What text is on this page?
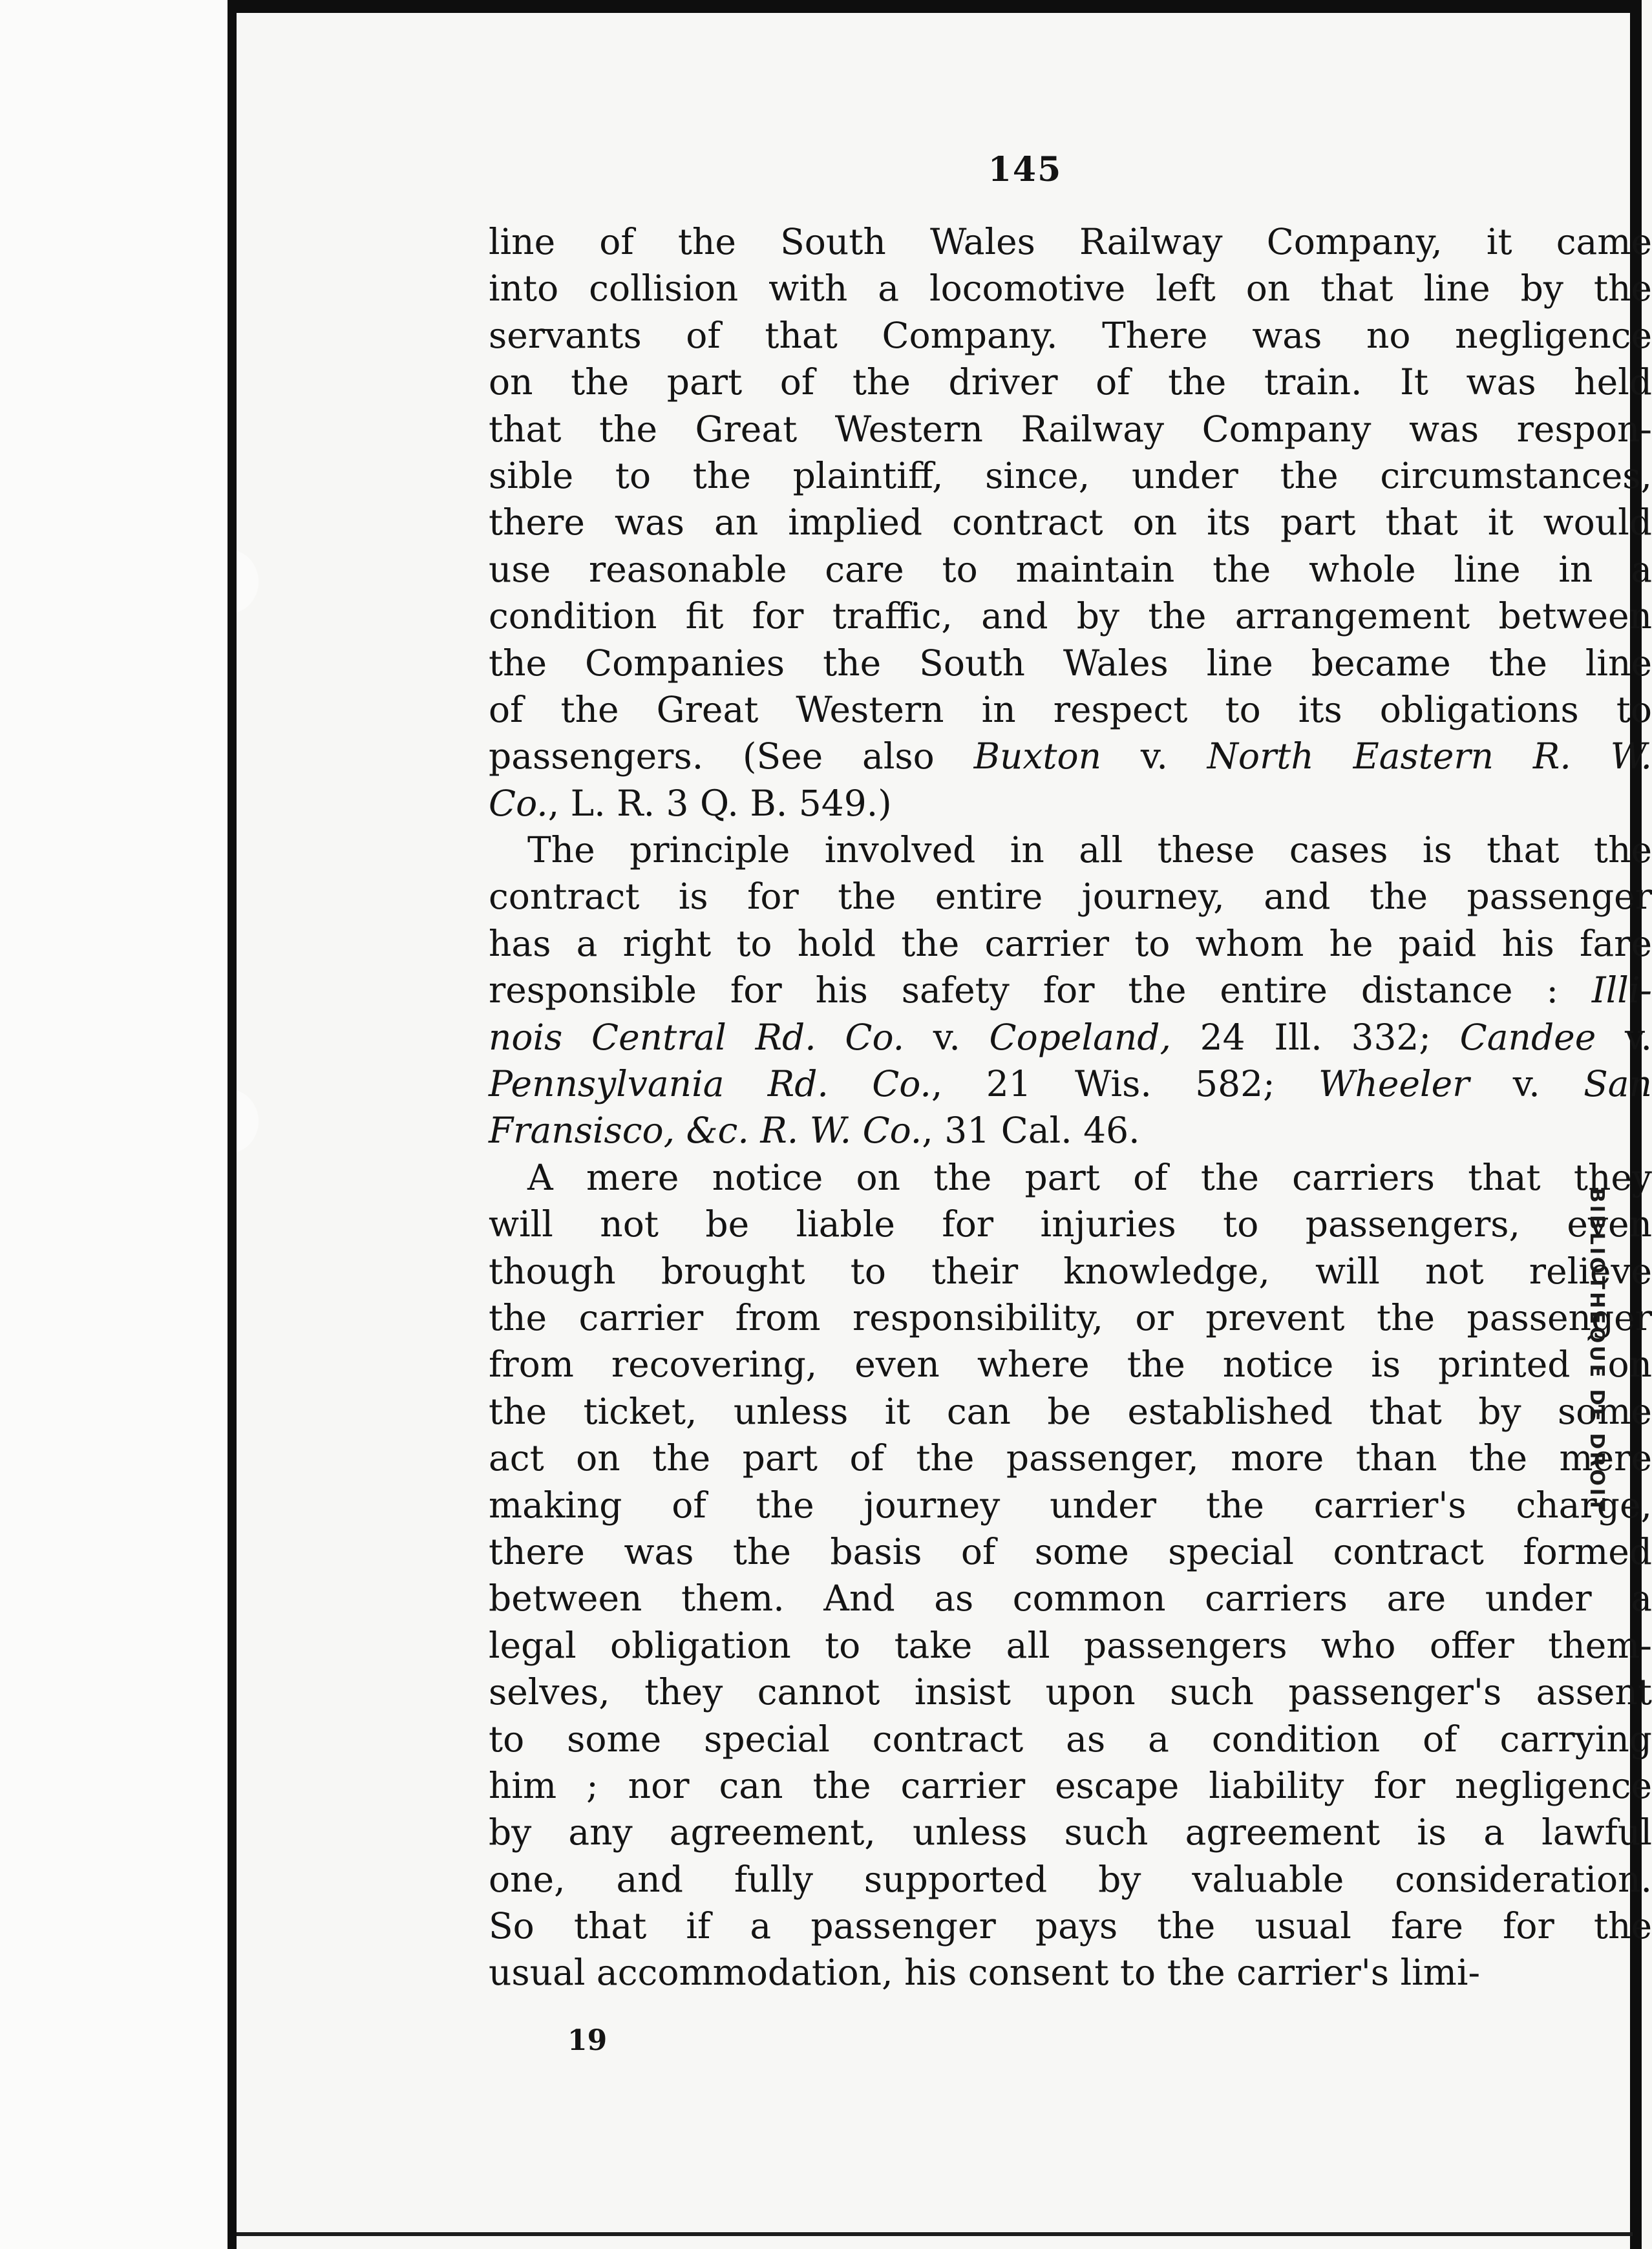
145
line of the South Wales Railway Company, it came
into collision with a locomotive left on that line by the
servants of that Company. There was no negligence
on the part of the driver of the train. It was held
that the Great Western Railway Company was respon-
sible to the plaintiff, since, under the circumstances,
there was an implied contract on its part that it would
use reasonable care to maintain the whole line in a
condition fit for traffic, and by the arrangement between
the Companies the South Wales line became the line
of the Great Western in respect to its obligations to
passengers. (See also Buxton v. North Eastern R. W.
Co., L. R. 3 Q. B. 549.)
The principle involved in all these cases is that the
contract is for the entire journey, and the passenger
has a right to hold the carrier to whom he paid his fare
responsible for his safety for the entire distance : Illi-
nois Central Rd. Co. v. Copeland, 24 Ill. 332; Candee v.
Pennsylvania Rd. Co., 21 Wis. 582; Wheeler v. San
Fransisco, &c. R. W. Co., 31 Cal. 46.
A mere notice on the part of the carriers that they
will not be liable for injuries to passengers, even
though brought to their knowledge, will not relieve
the carrier from responsibility, or prevent the passenger
from recovering, even where the notice is printed on
the ticket, unless it can be established that by some
act on the part of the passenger, more than the mere
making of the journey under the carrier's charge,
there was the basis of some special contract formed
between them. And as common carriers are under a
legal obligation to take all passengers who offer them-
selves, they cannot insist upon such passenger's assent
to some special contract as a condition of carrying
him ; nor can the carrier escape liability for negligence
by any agreement, unless such agreement is a lawful
one, and fully supported by valuable consideration.
So that if a passenger pays the usual fare for the
usual accommodation, his consent to the carrier's limi-
19
BIBLIOTHEQUE DE DROIT
